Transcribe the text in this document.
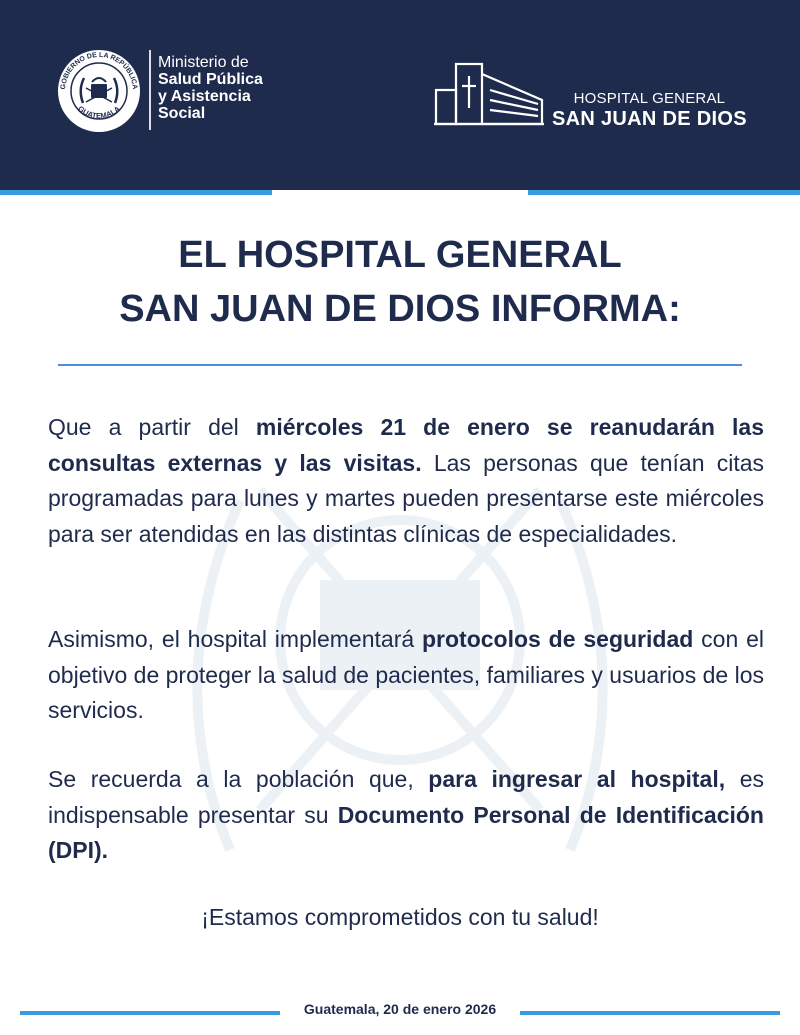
GOBIERNO DE LA REPÚBLICA
GUATEMALA
Ministerio de
Salud Pública
y Asistencia
Social
HOSPITAL GENERAL
SAN JUAN DE DIOS
EL HOSPITAL GENERAL
SAN JUAN DE DIOS INFORMA:
Que a partir del miércoles 21 de enero se reanudarán las consultas externas y las visitas. Las personas que tenían citas programadas para lunes y martes pueden presentarse este miércoles para ser atendidas en las distintas clínicas de especialidades.
Asimismo, el hospital implementará protocolos de seguridad con el objetivo de proteger la salud de pacientes, familiares y usuarios de los servicios.
Se recuerda a la población que, para ingresar al hospital, es indispensable presentar su Documento Personal de Identificación (DPI).
¡Estamos comprometidos con tu salud!
Guatemala, 20 de enero 2026
